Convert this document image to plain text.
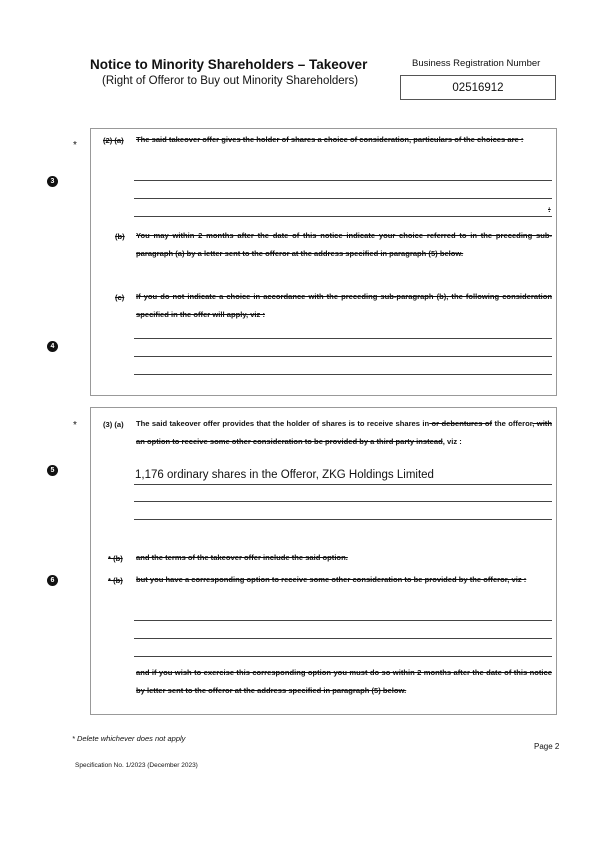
Notice to Minority Shareholders – Takeover
(Right of Offeror to Buy out Minority Shareholders)
Business Registration Number
02516912
*
3
4
(2) (a) The said takeover offer gives the holder of shares a choice of consideration, particulars of the choices are :
:
(b) You may within 2 months after the date of this notice indicate your choice referred to in the preceding sub-paragraph (a) by a letter sent to the offeror at the address specified in paragraph (5) below.
(c) If you do not indicate a choice in accordance with the preceding sub-paragraph (b), the following consideration specified in the offer will apply, viz :
*
5
6
(3) (a) The said takeover offer provides that the holder of shares is to receive shares in or debentures of the offeror, with an option to receive some other consideration to be provided by a third party instead, viz :
1,176 ordinary shares in the Offeror, ZKG Holdings Limited
* (b) and the terms of the takeover offer include the said option.
* (b) but you have a corresponding option to receive some other consideration to be provided by the offeror, viz :
and if you wish to exercise this corresponding option you must do so within 2 months after the date of this notice by letter sent to the offeror at the address specified in paragraph (5) below.
* Delete whichever does not apply
Page 2
Specification No. 1/2023 (December 2023)
